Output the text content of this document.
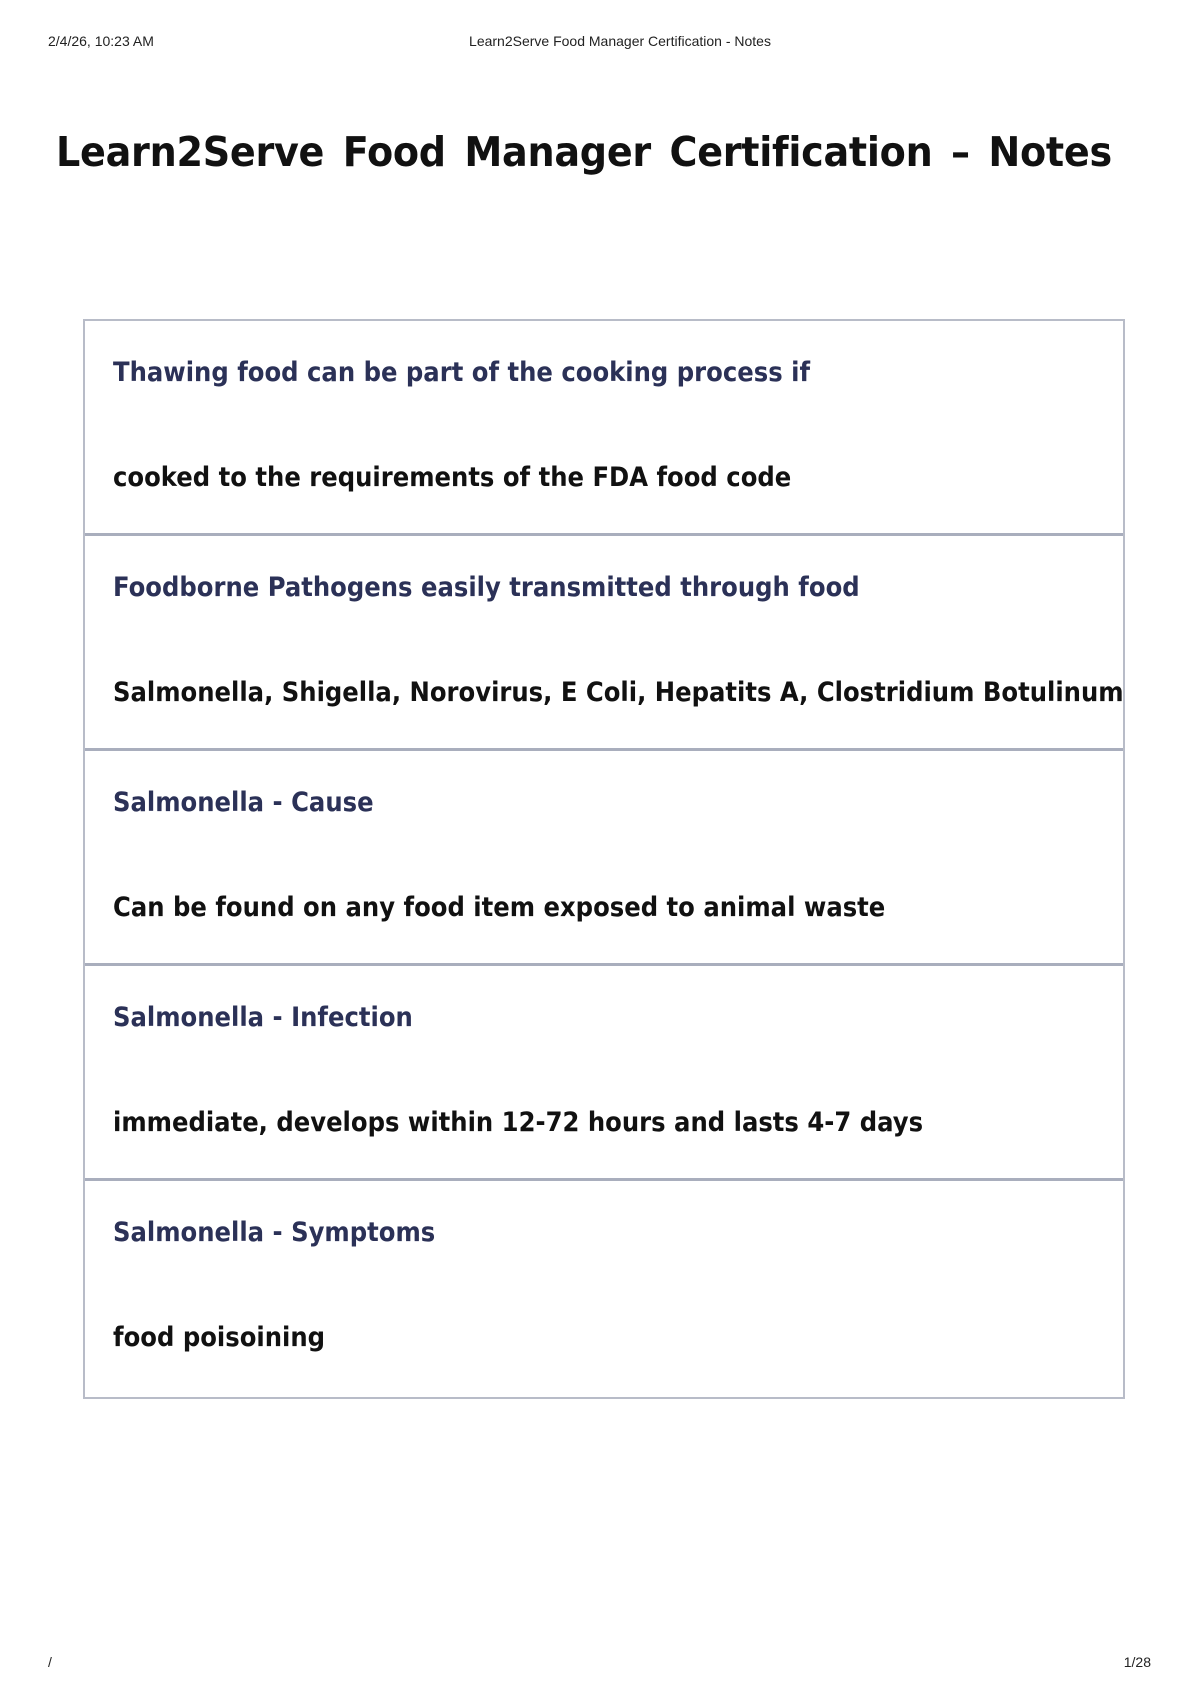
2/4/26, 10:23 AM	Learn2Serve Food Manager Certification - Notes
Learn2Serve Food Manager Certification – Notes
Thawing food can be part of the cooking process if
cooked to the requirements of the FDA food code
Foodborne Pathogens easily transmitted through food
Salmonella, Shigella, Norovirus, E Coli, Hepatits A, Clostridium Botulinum
Salmonella - Cause
Can be found on any food item exposed to animal waste
Salmonella - Infection
immediate, develops within 12-72 hours and lasts 4-7 days
Salmonella - Symptoms
food poisoining
/	1/28
